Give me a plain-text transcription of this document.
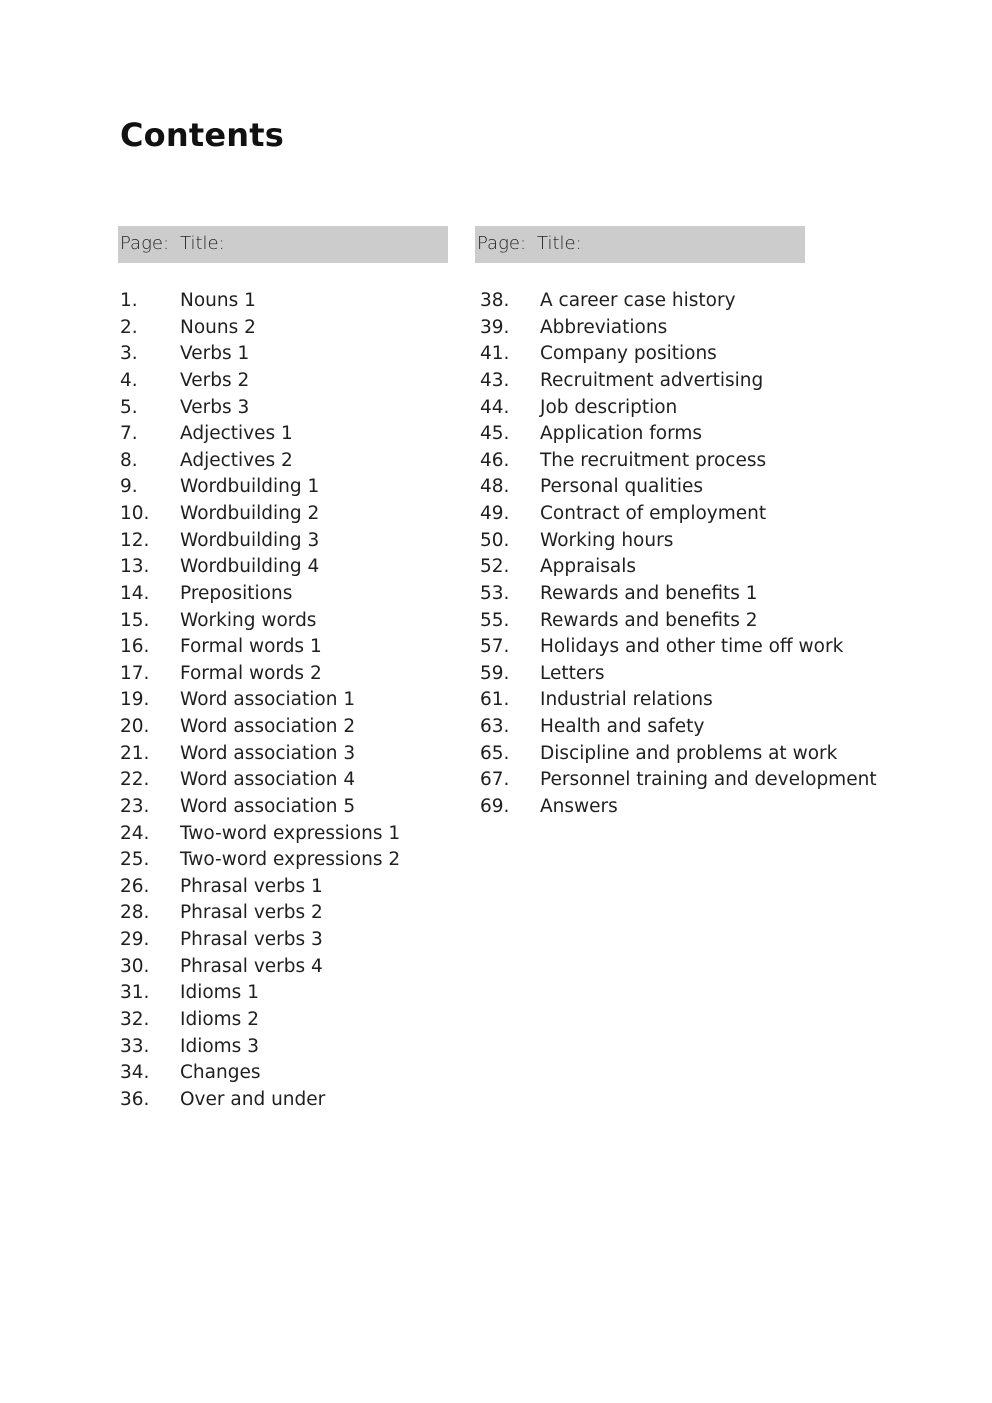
Contents
Page: Title:	Page: Title:
1. Nouns 1
2. Nouns 2
3. Verbs 1
4. Verbs 2
5. Verbs 3
7. Adjectives 1
8. Adjectives 2
9. Wordbuilding 1
10. Wordbuilding 2
12. Wordbuilding 3
13. Wordbuilding 4
14. Prepositions
15. Working words
16. Formal words 1
17. Formal words 2
19. Word association 1
20. Word association 2
21. Word association 3
22. Word association 4
23. Word association 5
24. Two-word expressions 1
25. Two-word expressions 2
26. Phrasal verbs 1
28. Phrasal verbs 2
29. Phrasal verbs 3
30. Phrasal verbs 4
31. Idioms 1
32. Idioms 2
33. Idioms 3
34. Changes
36. Over and under
38. A career case history
39. Abbreviations
41. Company positions
43. Recruitment advertising
44. Job description
45. Application forms
46. The recruitment process
48. Personal qualities
49. Contract of employment
50. Working hours
52. Appraisals
53. Rewards and benefits 1
55. Rewards and benefits 2
57. Holidays and other time off work
59. Letters
61. Industrial relations
63. Health and safety
65. Discipline and problems at work
67. Personnel training and development
69. Answers
